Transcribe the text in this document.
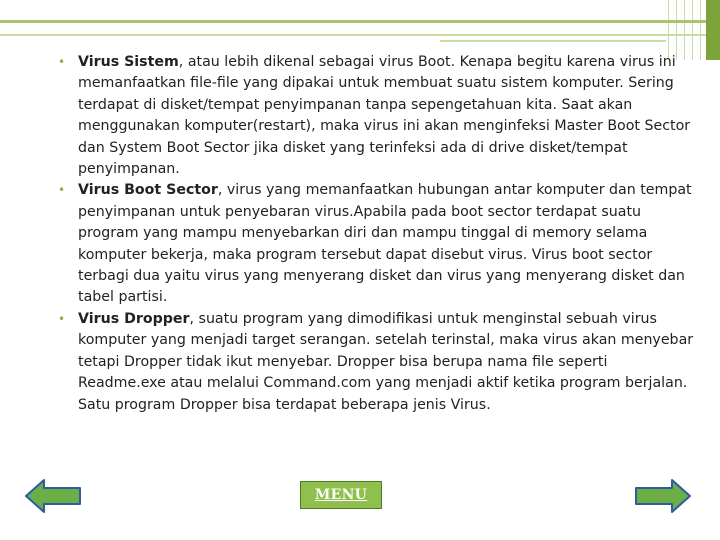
• Virus Sistem, atau lebih dikenal sebagai virus Boot. Kenapa begitu karena virus ini memanfaatkan file-file yang dipakai untuk membuat suatu sistem komputer. Sering terdapat di disket/tempat penyimpanan tanpa sepengetahuan kita. Saat akan menggunakan komputer(restart), maka virus ini akan menginfeksi Master Boot Sector dan System Boot Sector jika disket yang terinfeksi ada di drive disket/tempat penyimpanan.
• Virus Boot Sector, virus yang memanfaatkan hubungan antar komputer dan tempat penyimpanan untuk penyebaran virus.Apabila pada boot sector terdapat suatu program yang mampu menyebarkan diri dan mampu tinggal di memory selama komputer bekerja, maka program tersebut dapat disebut virus. Virus boot sector terbagi dua yaitu virus yang menyerang disket dan virus yang menyerang disket dan tabel partisi.
• Virus Dropper, suatu program yang dimodifikasi untuk menginstal sebuah virus komputer yang menjadi target serangan. setelah terinstal, maka virus akan menyebar tetapi Dropper tidak ikut menyebar. Dropper bisa berupa nama file seperti Readme.exe atau melalui Command.com yang menjadi aktif ketika program berjalan. Satu program Dropper bisa terdapat beberapa jenis Virus.
MENU
